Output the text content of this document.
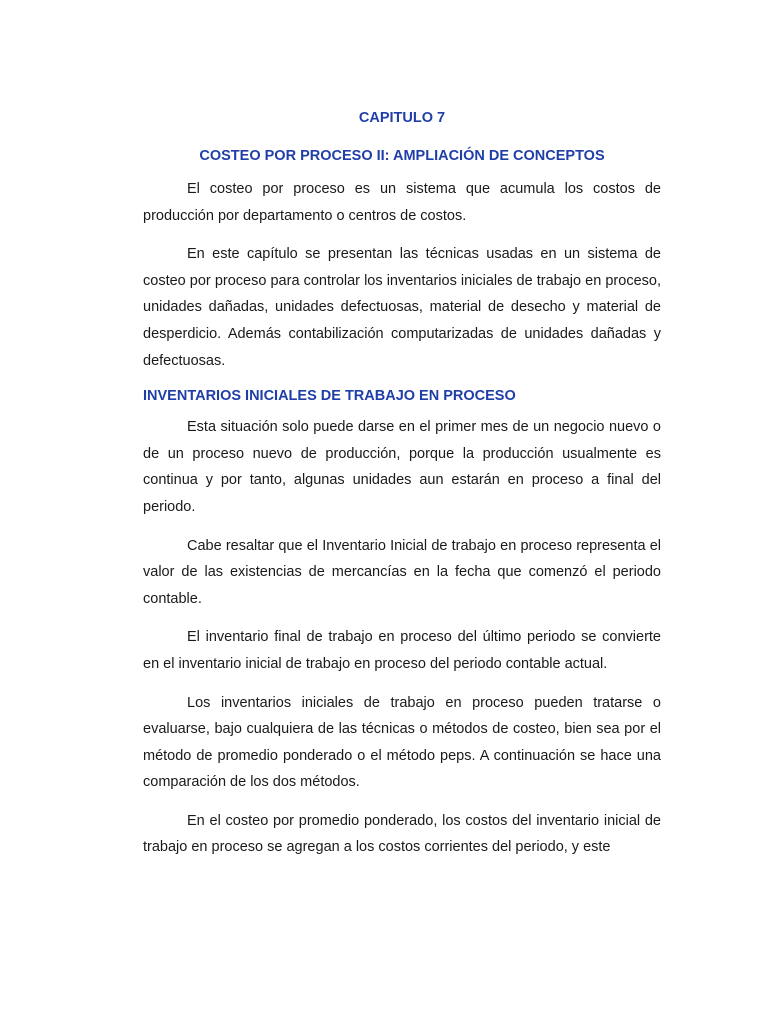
CAPITULO 7
COSTEO POR PROCESO II: AMPLIACIÓN DE CONCEPTOS

El costeo por proceso es un sistema que acumula los costos de producción por departamento o centros de costos.

En este capítulo se presentan las técnicas usadas en un sistema de costeo por proceso para controlar los inventarios iniciales de trabajo en proceso, unidades dañadas, unidades defectuosas, material de desecho y material de desperdicio. Además contabilización computarizadas de unidades dañadas y defectuosas.

INVENTARIOS INICIALES DE TRABAJO EN PROCESO

Esta situación solo puede darse en el primer mes de un negocio nuevo o de un proceso nuevo de producción, porque la producción usualmente es continua y por tanto, algunas unidades aun estarán en proceso a final del periodo.

Cabe resaltar que el Inventario Inicial de trabajo en proceso representa el valor de las existencias de mercancías en la fecha que comenzó el periodo contable.

El inventario final de trabajo en proceso del último periodo se convierte en el inventario inicial de trabajo en proceso del periodo contable actual.

Los inventarios iniciales de trabajo en proceso pueden tratarse o evaluarse, bajo cualquiera de las técnicas o métodos de costeo, bien sea por el método de promedio ponderado o el método peps. A continuación se hace una comparación de los dos métodos.

En el costeo por promedio ponderado, los costos del inventario inicial de trabajo en proceso se agregan a los costos corrientes del periodo, y este
